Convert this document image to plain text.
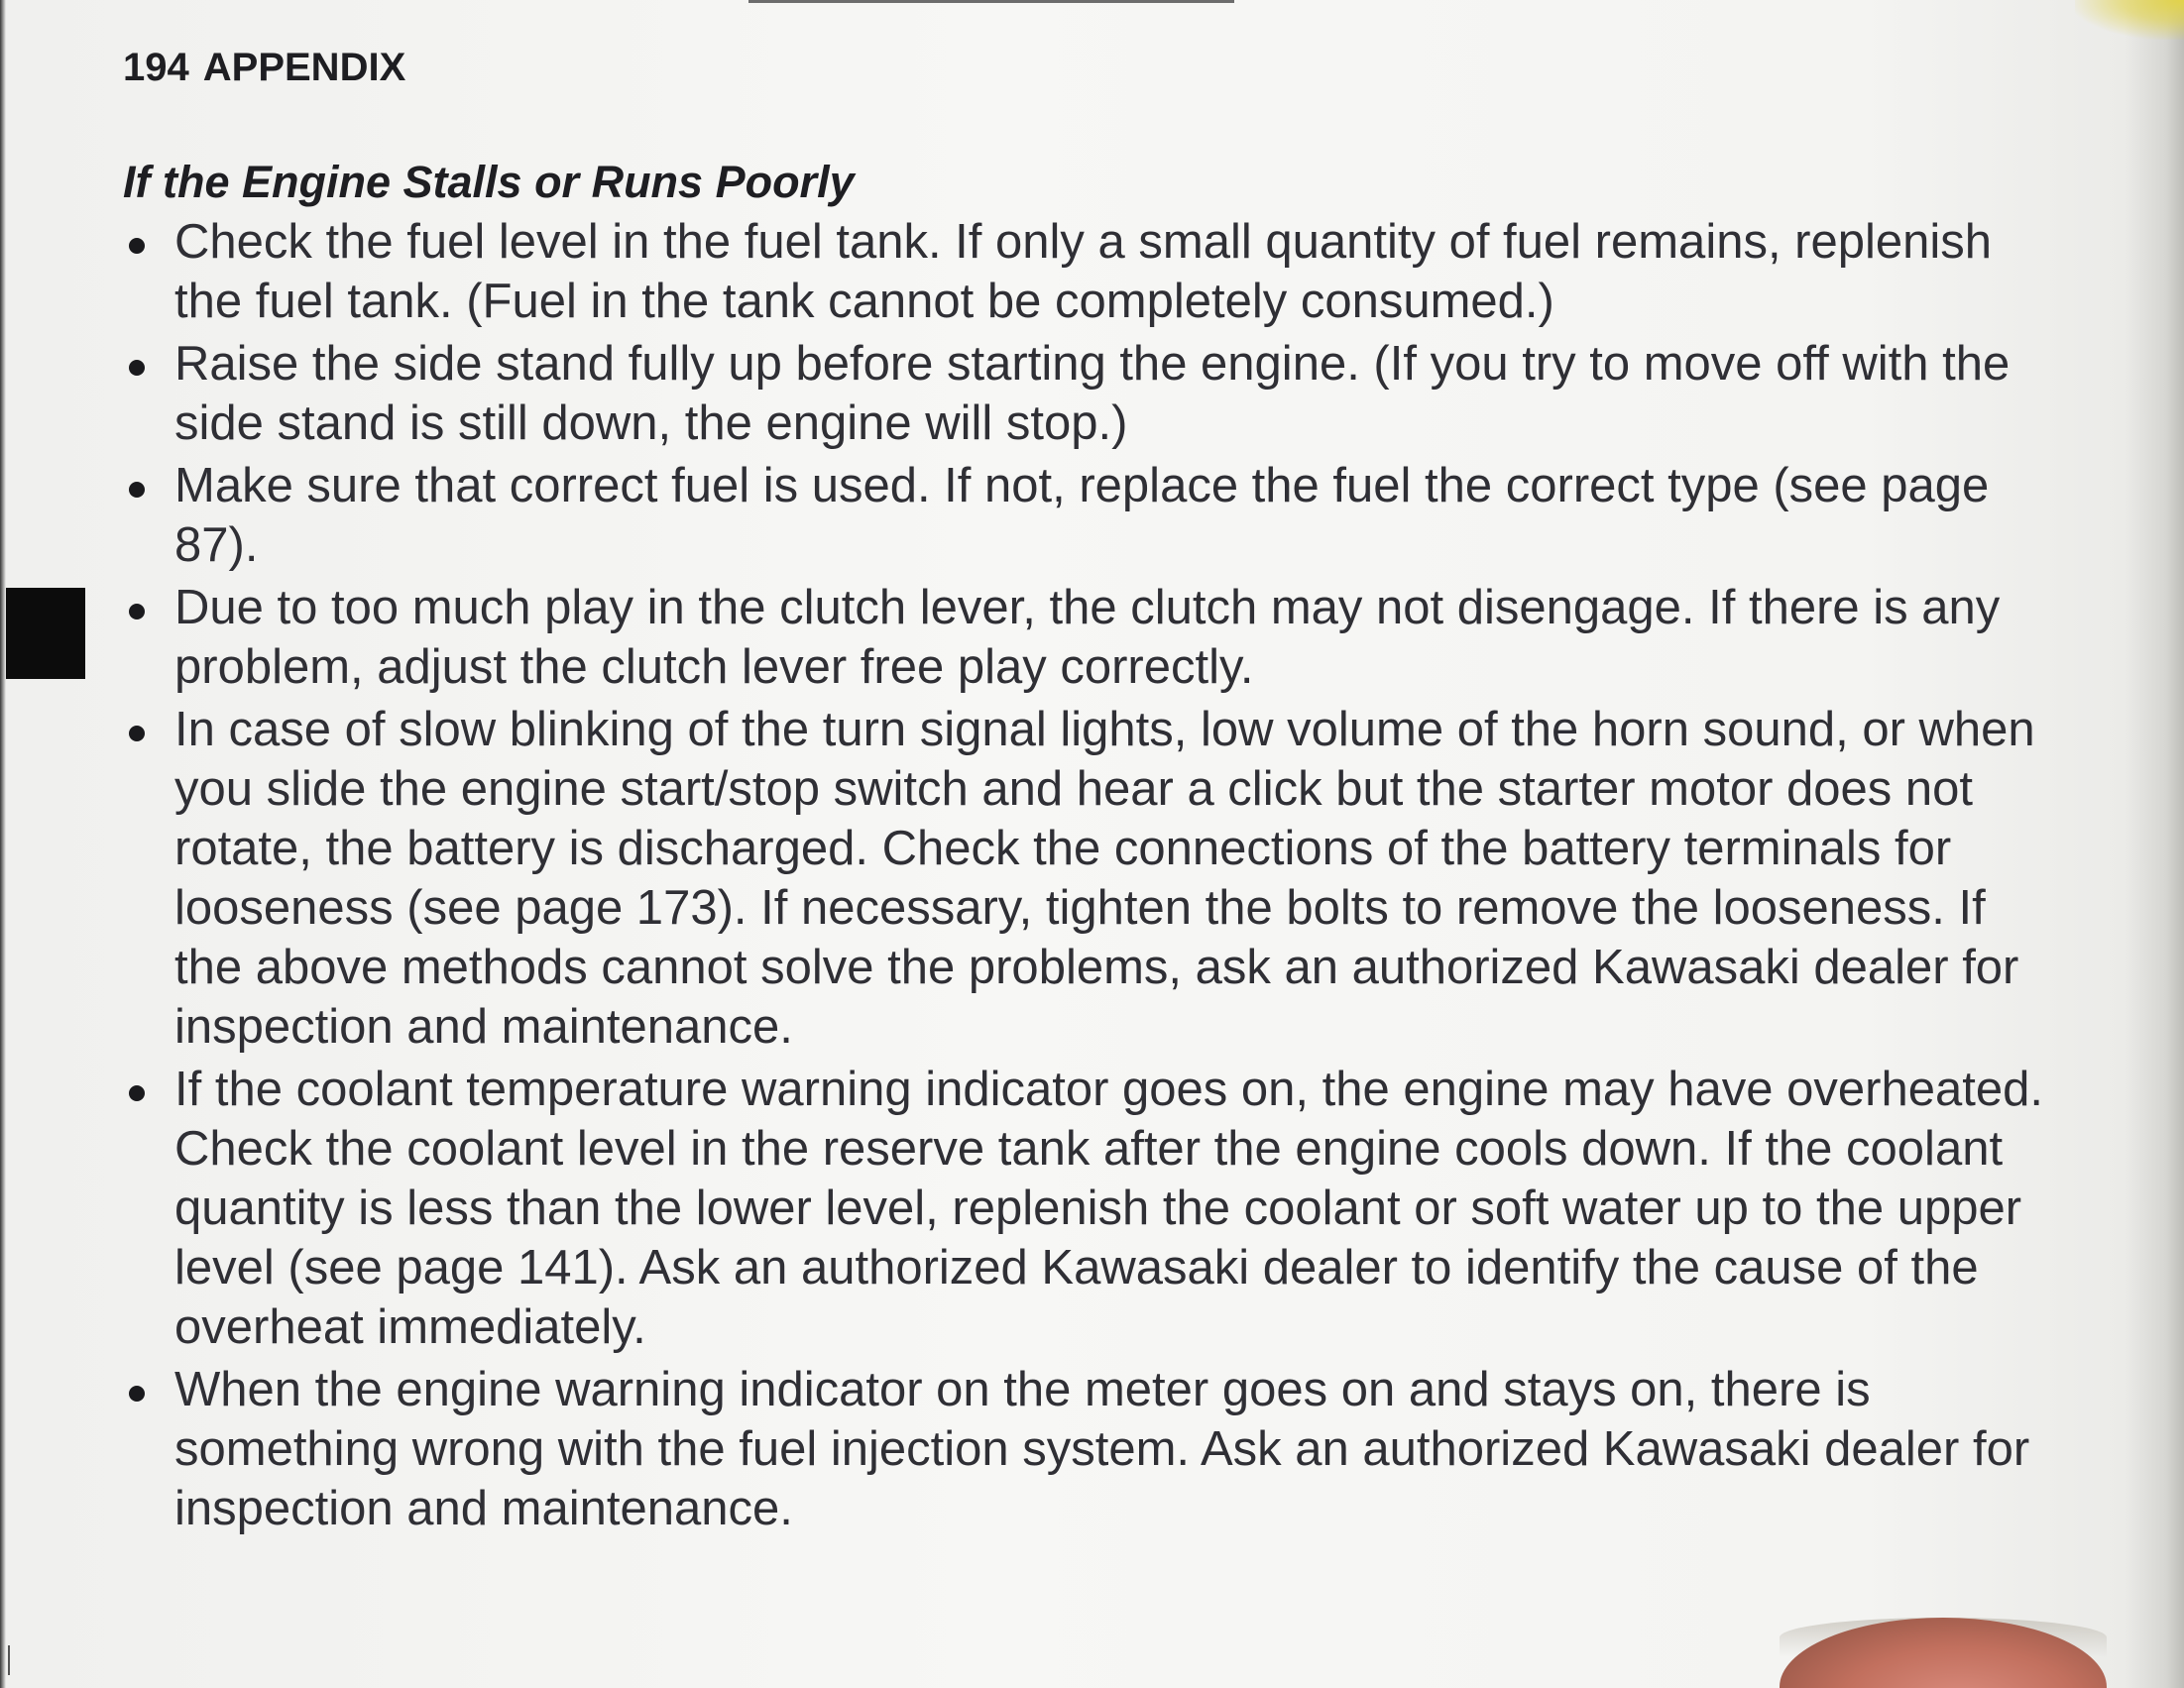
194 APPENDIX
If the Engine Stalls or Runs Poorly
Check the fuel level in the fuel tank. If only a small quantity of fuel remains, replenish the fuel tank. (Fuel in the tank cannot be completely consumed.)
Raise the side stand fully up before starting the engine. (If you try to move off with the side stand is still down, the engine will stop.)
Make sure that correct fuel is used. If not, replace the fuel the correct type (see page 87).
Due to too much play in the clutch lever, the clutch may not disengage. If there is any problem, adjust the clutch lever free play correctly.
In case of slow blinking of the turn signal lights, low volume of the horn sound, or when you slide the engine start/stop switch and hear a click but the starter motor does not rotate, the battery is discharged. Check the connections of the battery terminals for looseness (see page 173). If necessary, tighten the bolts to remove the looseness. If the above methods cannot solve the problems, ask an authorized Kawasaki dealer for inspection and maintenance.
If the coolant temperature warning indicator goes on, the engine may have overheated. Check the coolant level in the reserve tank after the engine cools down. If the coolant quantity is less than the lower level, replenish the coolant or soft water up to the upper level (see page 141). Ask an authorized Kawasaki dealer to identify the cause of the overheat immediately.
When the engine warning indicator on the meter goes on and stays on, there is something wrong with the fuel injection system. Ask an authorized Kawasaki dealer for inspection and maintenance.
